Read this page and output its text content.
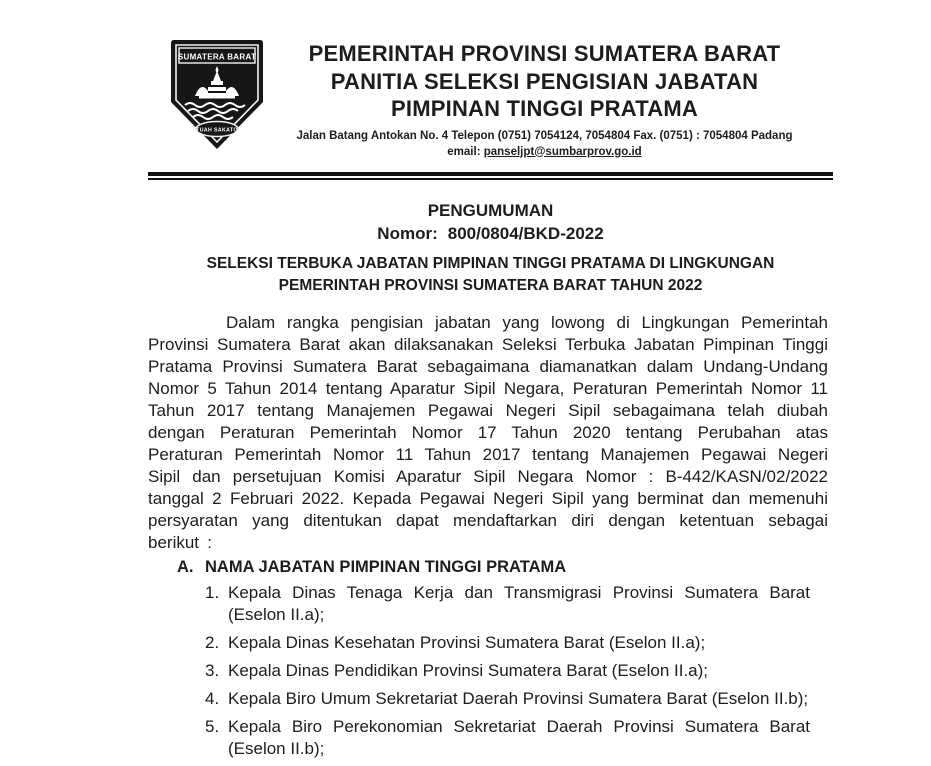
SUMATERA BARAT
TUAH SAKATO
PEMERINTAH PROVINSI SUMATERA BARAT
PANITIA SELEKSI PENGISIAN JABATAN
PIMPINAN TINGGI PRATAMA
Jalan Batang Antokan No. 4 Telepon (0751) 7054124, 7054804 Fax. (0751) : 7054804 Padang
email: panseljpt@sumbarprov.go.id
PENGUMUMAN
Nomor: 800/0804/BKD-2022
SELEKSI TERBUKA JABATAN PIMPINAN TINGGI PRATAMA DI LINGKUNGAN
PEMERINTAH PROVINSI SUMATERA BARAT TAHUN 2022

Dalam rangka pengisian jabatan yang lowong di Lingkungan Pemerintah Provinsi Sumatera Barat akan dilaksanakan Seleksi Terbuka Jabatan Pimpinan Tinggi Pratama Provinsi Sumatera Barat sebagaimana diamanatkan dalam Undang-Undang Nomor 5 Tahun 2014 tentang Aparatur Sipil Negara, Peraturan Pemerintah Nomor 11 Tahun 2017 tentang Manajemen Pegawai Negeri Sipil sebagaimana telah diubah dengan Peraturan Pemerintah Nomor 17 Tahun 2020 tentang Perubahan atas Peraturan Pemerintah Nomor 11 Tahun 2017 tentang Manajemen Pegawai Negeri Sipil dan persetujuan Komisi Aparatur Sipil Negara Nomor : B-442/KASN/02/2022 tanggal 2 Februari 2022. Kepada Pegawai Negeri Sipil yang berminat dan memenuhi persyaratan yang ditentukan dapat mendaftarkan diri dengan ketentuan sebagai berikut :

A. NAMA JABATAN PIMPINAN TINGGI PRATAMA
1. Kepala Dinas Tenaga Kerja dan Transmigrasi Provinsi Sumatera Barat (Eselon II.a);
2. Kepala Dinas Kesehatan Provinsi Sumatera Barat (Eselon II.a);
3. Kepala Dinas Pendidikan Provinsi Sumatera Barat (Eselon II.a);
4. Kepala Biro Umum Sekretariat Daerah Provinsi Sumatera Barat (Eselon II.b);
5. Kepala Biro Perekonomian Sekretariat Daerah Provinsi Sumatera Barat (Eselon II.b);
